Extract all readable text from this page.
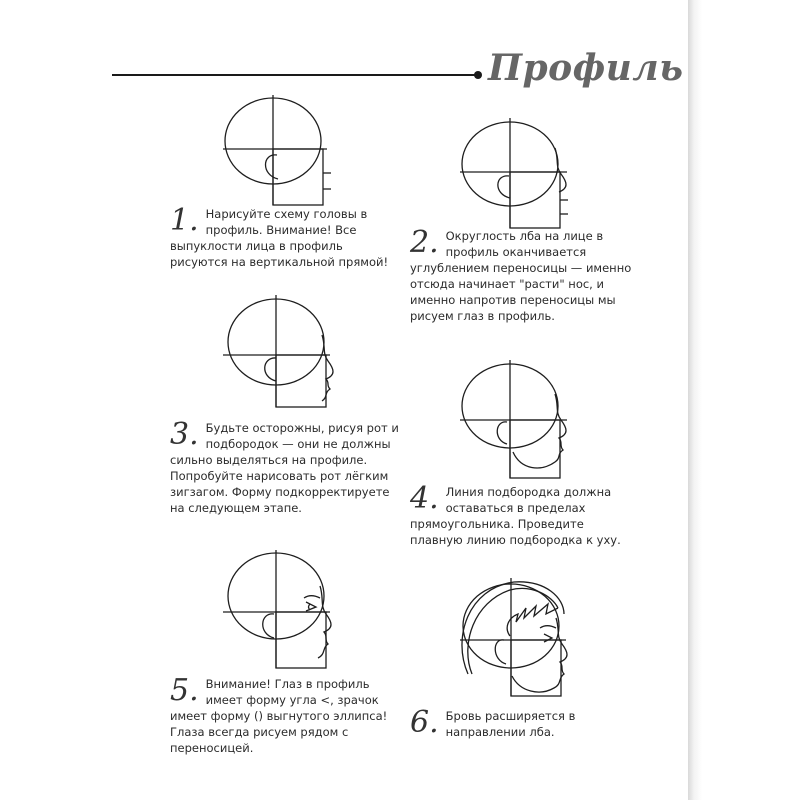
Профиль
1. Нарисуйте схему головы в профиль. Внимание! Все выпуклости лица в профиль рисуются на вертикальной прямой!
2. Округлость лба на лице в профиль оканчивается углублением переносицы — именно отсюда начинает "расти" нос, и именно напротив переносицы мы рисуем глаз в профиль.
3. Будьте осторожны, рисуя рот и подбородок — они не должны сильно выделяться на профиле. Попробуйте нарисовать рот лёгким зигзагом. Форму подкорректируете на следующем этапе.	4. Линия подбородка должна оставаться в пределах прямоугольника. Проведите плавную линию подбородка к уху.
5. Внимание! Глаз в профиль имеет форму угла <, зрачок имеет форму () выгнутого эллипса! Глаза всегда рисуем рядом с переносицей.
6. Бровь расширяется в направлении лба.
